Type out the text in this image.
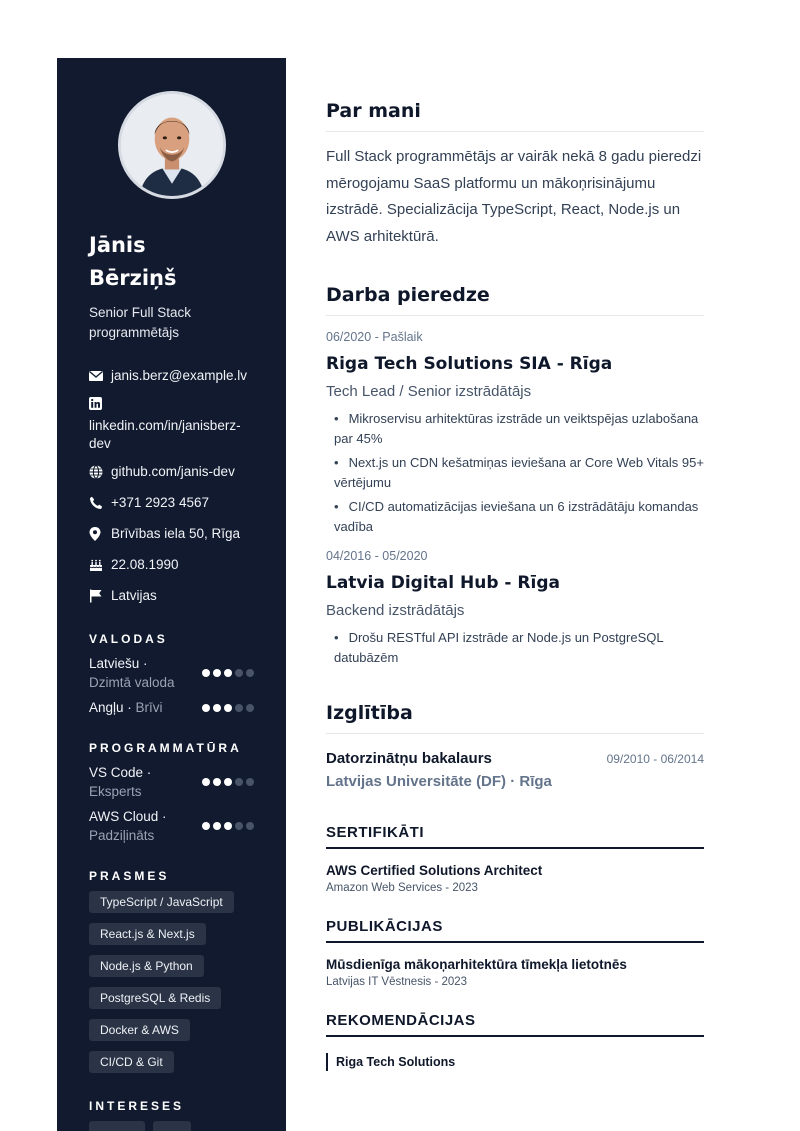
Jānis
Bērziņš
Senior Full Stack programmētājs
janis.berz@example.lv
linkedin.com/in/janisberz-dev
github.com/janis-dev
+371 2923 4567
Brīvības iela 50, Rīga
22.08.1990
Latvijas
VALODAS
Latviešu ·
Dzimtā valoda
Angļu · Brīvi
PROGRAMMATŪRA
VS Code ·
Eksperts
AWS Cloud ·
Padziļināts
PRASMES
TypeScript / JavaScript
React.js & Next.js
Node.js & Python
PostgreSQL & Redis
Docker & AWS
CI/CD & Git
INTERESES
Par mani
Full Stack programmētājs ar vairāk nekā 8 gadu pieredzi mērogojamu SaaS platformu un mākoņrisinājumu izstrādē. Specializācija TypeScript, React, Node.js un AWS arhitektūrā.
Darba pieredze
06/2020 - Pašlaik
Riga Tech Solutions SIA - Rīga
Tech Lead / Senior izstrādātājs
• Mikroservisu arhitektūras izstrāde un veiktspējas uzlabošana par 45%
• Next.js un CDN kešatmiņas ieviešana ar Core Web Vitals 95+ vērtējumu
• CI/CD automatizācijas ieviešana un 6 izstrādātāju komandas vadība
04/2016 - 05/2020
Latvia Digital Hub - Rīga
Backend izstrādātājs
• Drošu RESTful API izstrāde ar Node.js un PostgreSQL datubāzēm
Izglītība
Datorzinātņu bakalaurs	09/2010 - 06/2014
Latvijas Universitāte (DF) · Rīga
SERTIFIKĀTI
AWS Certified Solutions Architect
Amazon Web Services - 2023
PUBLIKĀCIJAS
Mūsdienīga mākoņarhitektūra tīmekļa lietotnēs
Latvijas IT Vēstnesis - 2023
REKOMENDĀCIJAS
Riga Tech Solutions
